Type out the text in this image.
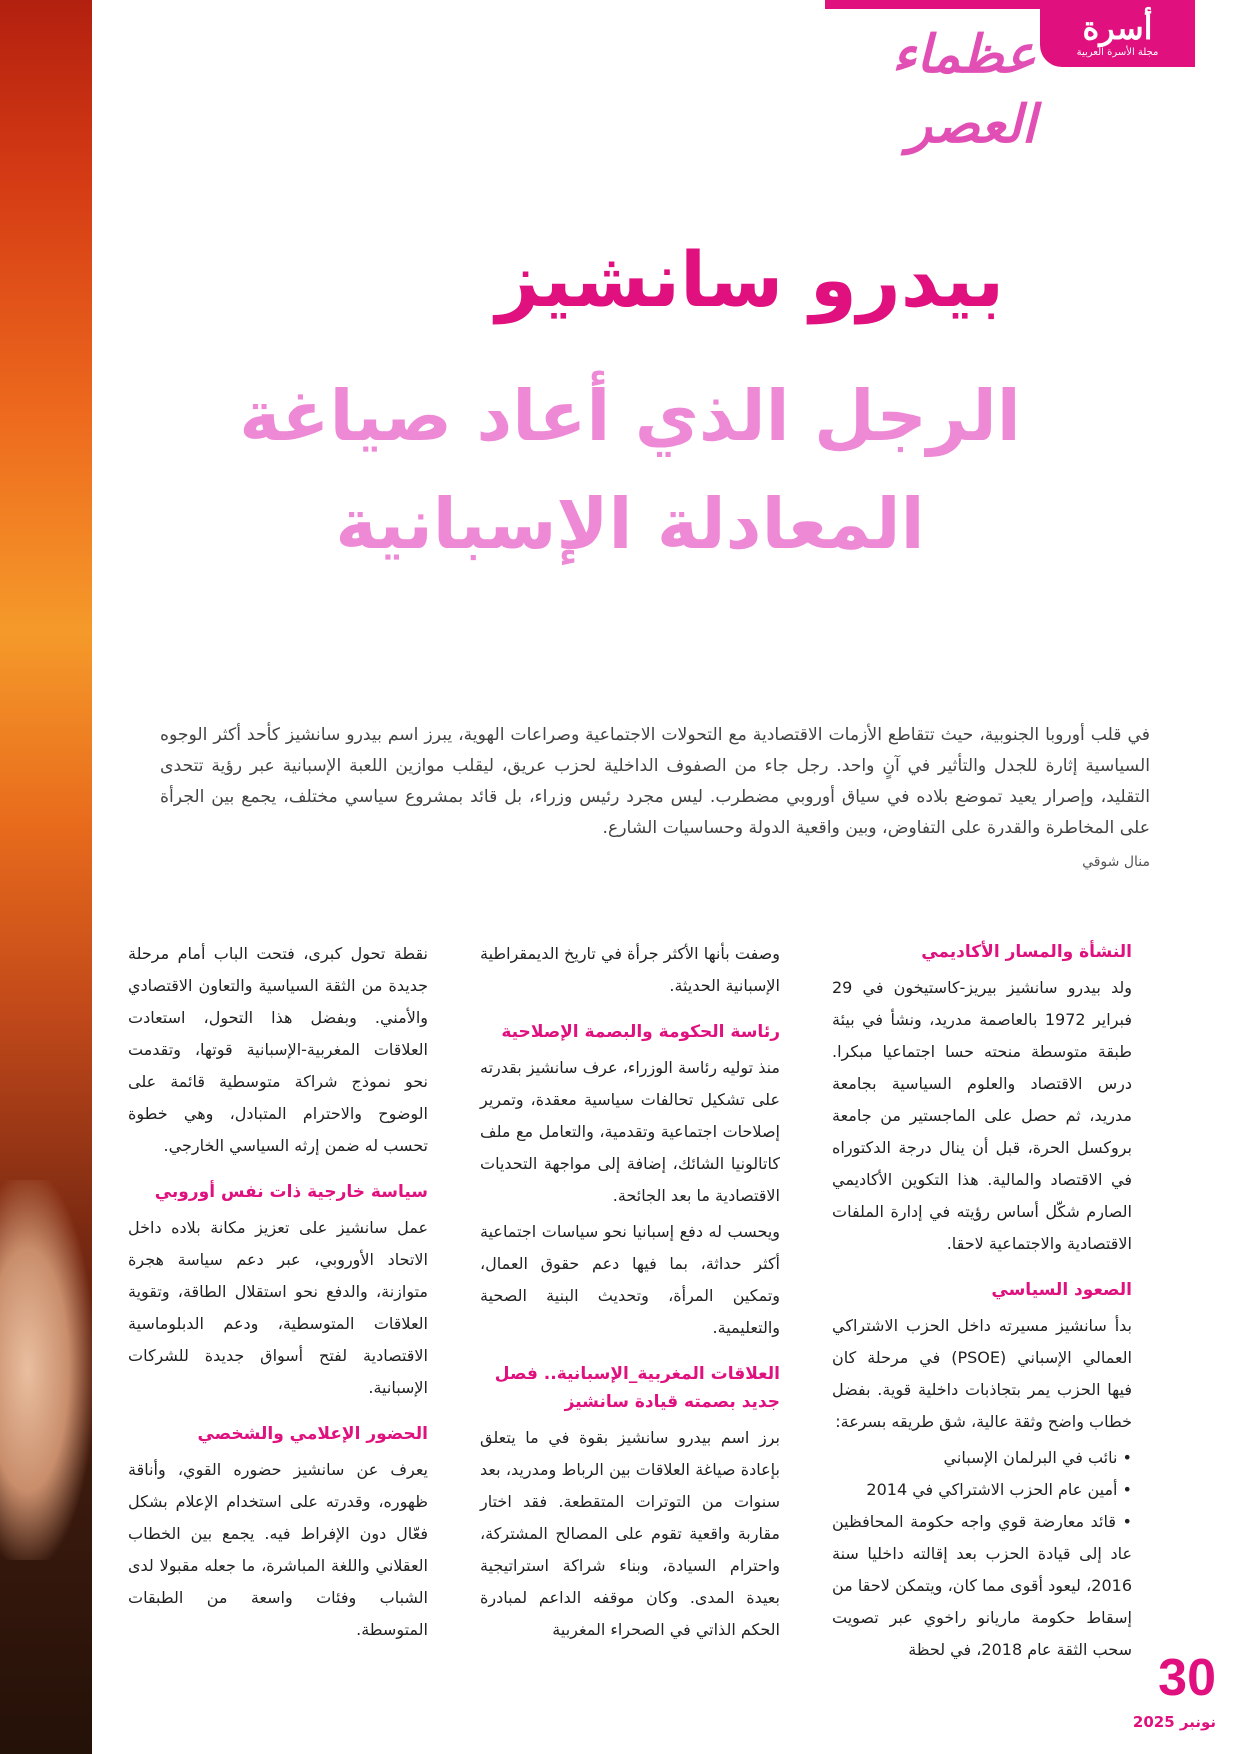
أسرة
مجلة الأسرة العربية
عظماء العصر
بيدرو سانشيز
الرجل الذي أعاد صياغة المعادلة الإسبانية
في قلب أوروبا الجنوبية، حيث تتقاطع الأزمات الاقتصادية مع التحولات الاجتماعية وصراعات الهوية، يبرز اسم بيدرو سانشيز كأحد أكثر الوجوه السياسية إثارة للجدل والتأثير في آنٍ واحد. رجل جاء من الصفوف الداخلية لحزب عريق، ليقلب موازين اللعبة الإسبانية عبر رؤية تتحدى التقليد، وإصرار يعيد تموضع بلاده في سياق أوروبي مضطرب. ليس مجرد رئيس وزراء، بل قائد بمشروع سياسي مختلف، يجمع بين الجرأة على المخاطرة والقدرة على التفاوض، وبين واقعية الدولة وحساسيات الشارع.
منال شوقي
النشأة والمسار الأكاديمي

ولد بيدرو سانشيز بيريز-كاستيخون في 29 فبراير 1972 بالعاصمة مدريد، ونشأ في بيئة طبقة متوسطة منحته حسا اجتماعيا مبكرا. درس الاقتصاد والعلوم السياسية بجامعة مدريد، ثم حصل على الماجستير من جامعة بروكسل الحرة، قبل أن ينال درجة الدكتوراه في الاقتصاد والمالية. هذا التكوين الأكاديمي الصارم شكّل أساس رؤيته في إدارة الملفات الاقتصادية والاجتماعية لاحقا.

الصعود السياسي

بدأ سانشيز مسيرته داخل الحزب الاشتراكي العمالي الإسباني (PSOE) في مرحلة كان فيها الحزب يمر بتجاذبات داخلية قوية. بفضل خطاب واضح وثقة عالية، شق طريقه بسرعة:

• نائب في البرلمان الإسباني
• أمين عام الحزب الاشتراكي في 2014
• قائد معارضة قوي واجه حكومة المحافظين عاد إلى قيادة الحزب بعد إقالته داخليا سنة 2016، ليعود أقوى مما كان، ويتمكن لاحقا من إسقاط حكومة ماريانو راخوي عبر تصويت سحب الثقة عام 2018، في لحظة

وصفت بأنها الأكثر جرأة في تاريخ الديمقراطية الإسبانية الحديثة.

رئاسة الحكومة والبصمة الإصلاحية

منذ توليه رئاسة الوزراء، عرف سانشيز بقدرته على تشكيل تحالفات سياسية معقدة، وتمرير إصلاحات اجتماعية وتقدمية، والتعامل مع ملف كاتالونيا الشائك، إضافة إلى مواجهة التحديات الاقتصادية ما بعد الجائحة.

ويحسب له دفع إسبانيا نحو سياسات اجتماعية أكثر حداثة، بما فيها دعم حقوق العمال، وتمكين المرأة، وتحديث البنية الصحية والتعليمية.

العلاقات المغربية_الإسبانية.. فصل جديد بصمته قيادة سانشيز

برز اسم بيدرو سانشيز بقوة في ما يتعلق بإعادة صياغة العلاقات بين الرباط ومدريد، بعد سنوات من التوترات المتقطعة. فقد اختار مقاربة واقعية تقوم على المصالح المشتركة، واحترام السيادة، وبناء شراكة استراتيجية بعيدة المدى. وكان موقفه الداعم لمبادرة الحكم الذاتي في الصحراء المغربية

نقطة تحول كبرى، فتحت الباب أمام مرحلة جديدة من الثقة السياسية والتعاون الاقتصادي والأمني. وبفضل هذا التحول، استعادت العلاقات المغربية-الإسبانية قوتها، وتقدمت نحو نموذج شراكة متوسطية قائمة على الوضوح والاحترام المتبادل، وهي خطوة تحسب له ضمن إرثه السياسي الخارجي.

سياسة خارجية ذات نفس أوروبي

عمل سانشيز على تعزيز مكانة بلاده داخل الاتحاد الأوروبي، عبر دعم سياسة هجرة متوازنة، والدفع نحو استقلال الطاقة، وتقوية العلاقات المتوسطية، ودعم الدبلوماسية الاقتصادية لفتح أسواق جديدة للشركات الإسبانية.

الحضور الإعلامي والشخصي

يعرف عن سانشيز حضوره القوي، وأناقة ظهوره، وقدرته على استخدام الإعلام بشكل فعّال دون الإفراط فيه. يجمع بين الخطاب العقلاني واللغة المباشرة، ما جعله مقبولا لدى الشباب وفئات واسعة من الطبقات المتوسطة.

30
نونبر 2025
